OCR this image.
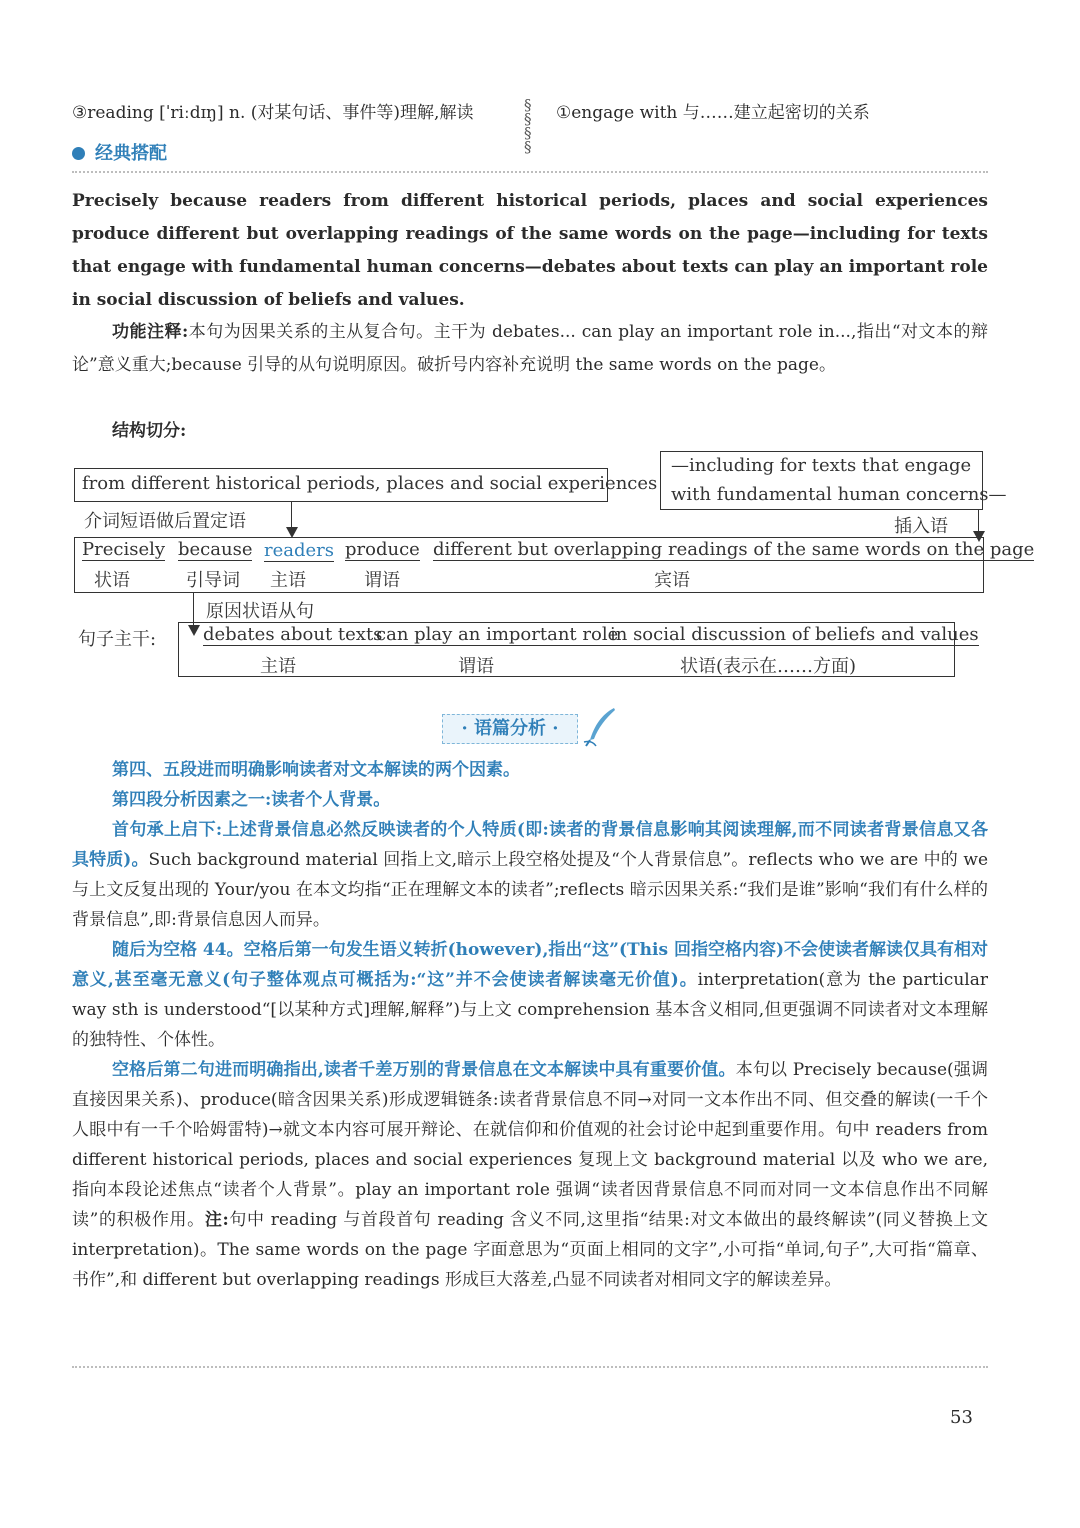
③reading [ˈriːdɪŋ] n. (对某句话、事件等)理解,解读	§
§
§
§
①engage with 与……建立起密切的关系
经典搭配

Precisely because readers from different historical periods, places and social experiences produce different but overlapping readings of the same words on the page—including for texts that engage with fundamental human concerns—debates about texts can play an important role in social discussion of beliefs and values.

功能注释:本句为因果关系的主从复合句。主干为 debates... can play an important role in...,指出“对文本的辩论”意义重大;because 引导的从句说明原因。破折号内容补充说明 the same words on the page。

结构切分:
from different historical periods, places and social experiences
介词短语做后置定语
—including for texts that engage
with fundamental human concerns—
插入语
Precisely because readers produce different but overlapping readings of the same words on the page
状语	引导词 主语	谓语	宾语
原因状语从句
句子主干:	debates about texts
can play an important role
in social discussion of beliefs and values
主语	谓语	状语(表示在……方面)
· 语篇分析 ·

第四、五段进而明确影响读者对文本解读的两个因素。

第四段分析因素之一:读者个人背景。

首句承上启下:上述背景信息必然反映读者的个人特质(即:读者的背景信息影响其阅读理解,而不同读者背景信息又各具特质)。Such background material 回指上文,暗示上段空格处提及“个人背景信息”。reflects who we are 中的 we 与上文反复出现的 Your/you 在本文均指“正在理解文本的读者”;reflects 暗示因果关系:“我们是谁”影响“我们有什么样的背景信息”,即:背景信息因人而异。

随后为空格 44。空格后第一句发生语义转折(however),指出“这”(This 回指空格内容)不会使读者解读仅具有相对意义,甚至毫无意义(句子整体观点可概括为:“这”并不会使读者解读毫无价值)。interpretation(意为 the particular way sth is understood“[以某种方式]理解,解释”)与上文 comprehension 基本含义相同,但更强调不同读者对文本理解的独特性、个体性。

空格后第二句进而明确指出,读者千差万别的背景信息在文本解读中具有重要价值。本句以 Precisely because(强调直接因果关系)、produce(暗含因果关系)形成逻辑链条:读者背景信息不同→对同一文本作出不同、但交叠的解读(一千个人眼中有一千个哈姆雷特)→就文本内容可展开辩论、在就信仰和价值观的社会讨论中起到重要作用。句中 readers from different historical periods, places and social experiences 复现上文 background material 以及 who we are,指向本段论述焦点“读者个人背景”。play an important role 强调“读者因背景信息不同而对同一文本信息作出不同解读”的积极作用。注:句中 reading 与首段首句 reading 含义不同,这里指“结果:对文本做出的最终解读”(同义替换上文 interpretation)。The same words on the page 字面意思为“页面上相同的文字”,小可指“单词,句子”,大可指“篇章、书作”,和 different but overlapping readings 形成巨大落差,凸显不同读者对相同文字的解读差异。

53
